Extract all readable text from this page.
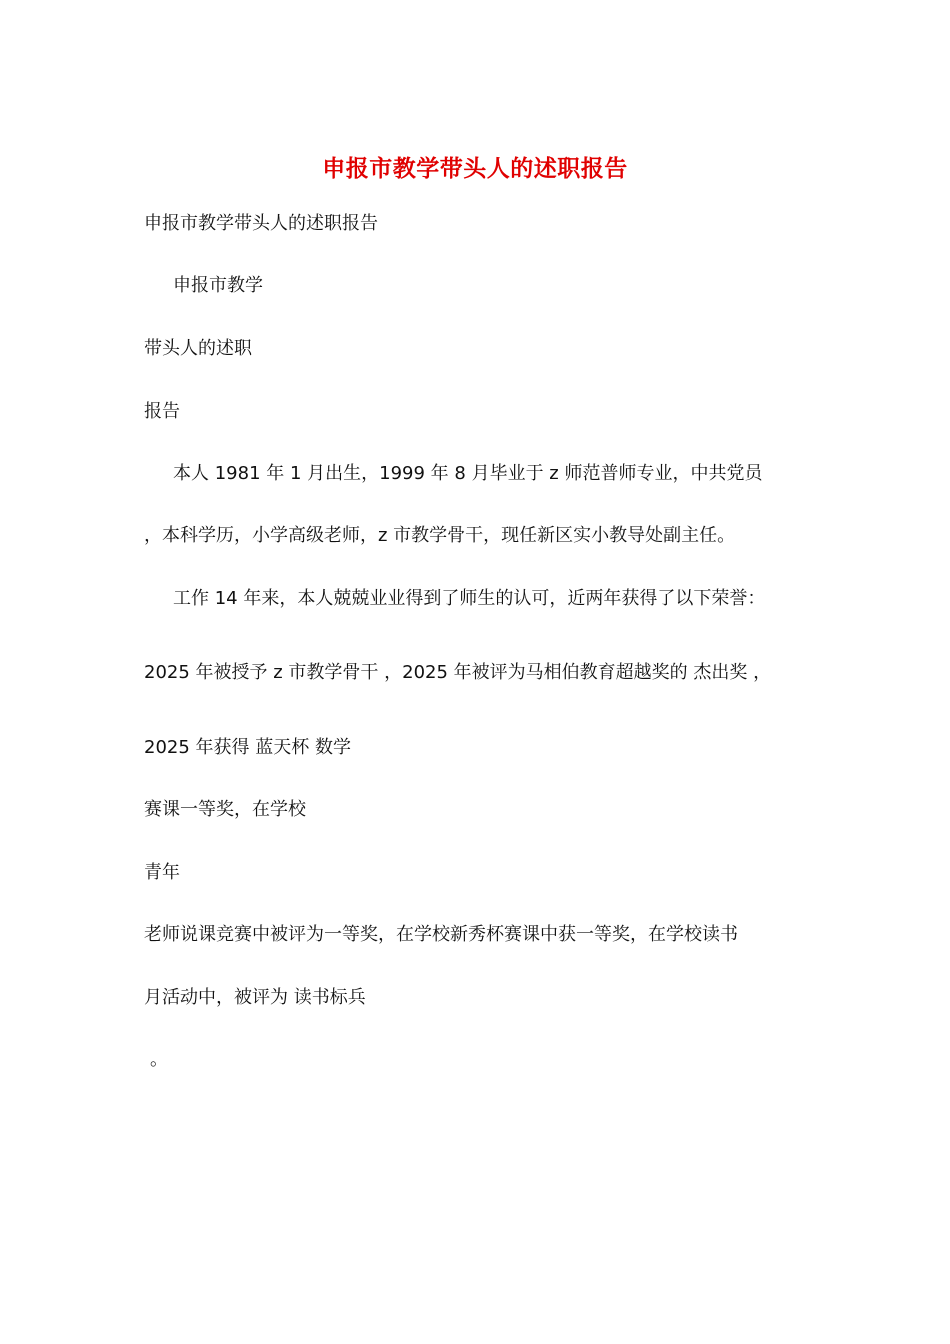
申报市教学带头人的述职报告
申报市教学带头人的述职报告
申报市教学
带头人的述职
报告
本人 1981 年 1 月出生，1999 年 8 月毕业于 z 师范普师专业，中共党员
，本科学历，小学高级老师，z 市教学骨干，现任新区实小教导处副主任。
工作 14 年来，本人兢兢业业得到了师生的认可，近两年获得了以下荣誉：
2025 年被授予 z 市教学骨干 ，2025 年被评为马相伯教育超越奖的 杰出奖 ，
2025 年获得 蓝天杯 数学
赛课一等奖，在学校
青年
老师说课竞赛中被评为一等奖，在学校新秀杯赛课中获一等奖，在学校读书
月活动中，被评为 读书标兵
。
